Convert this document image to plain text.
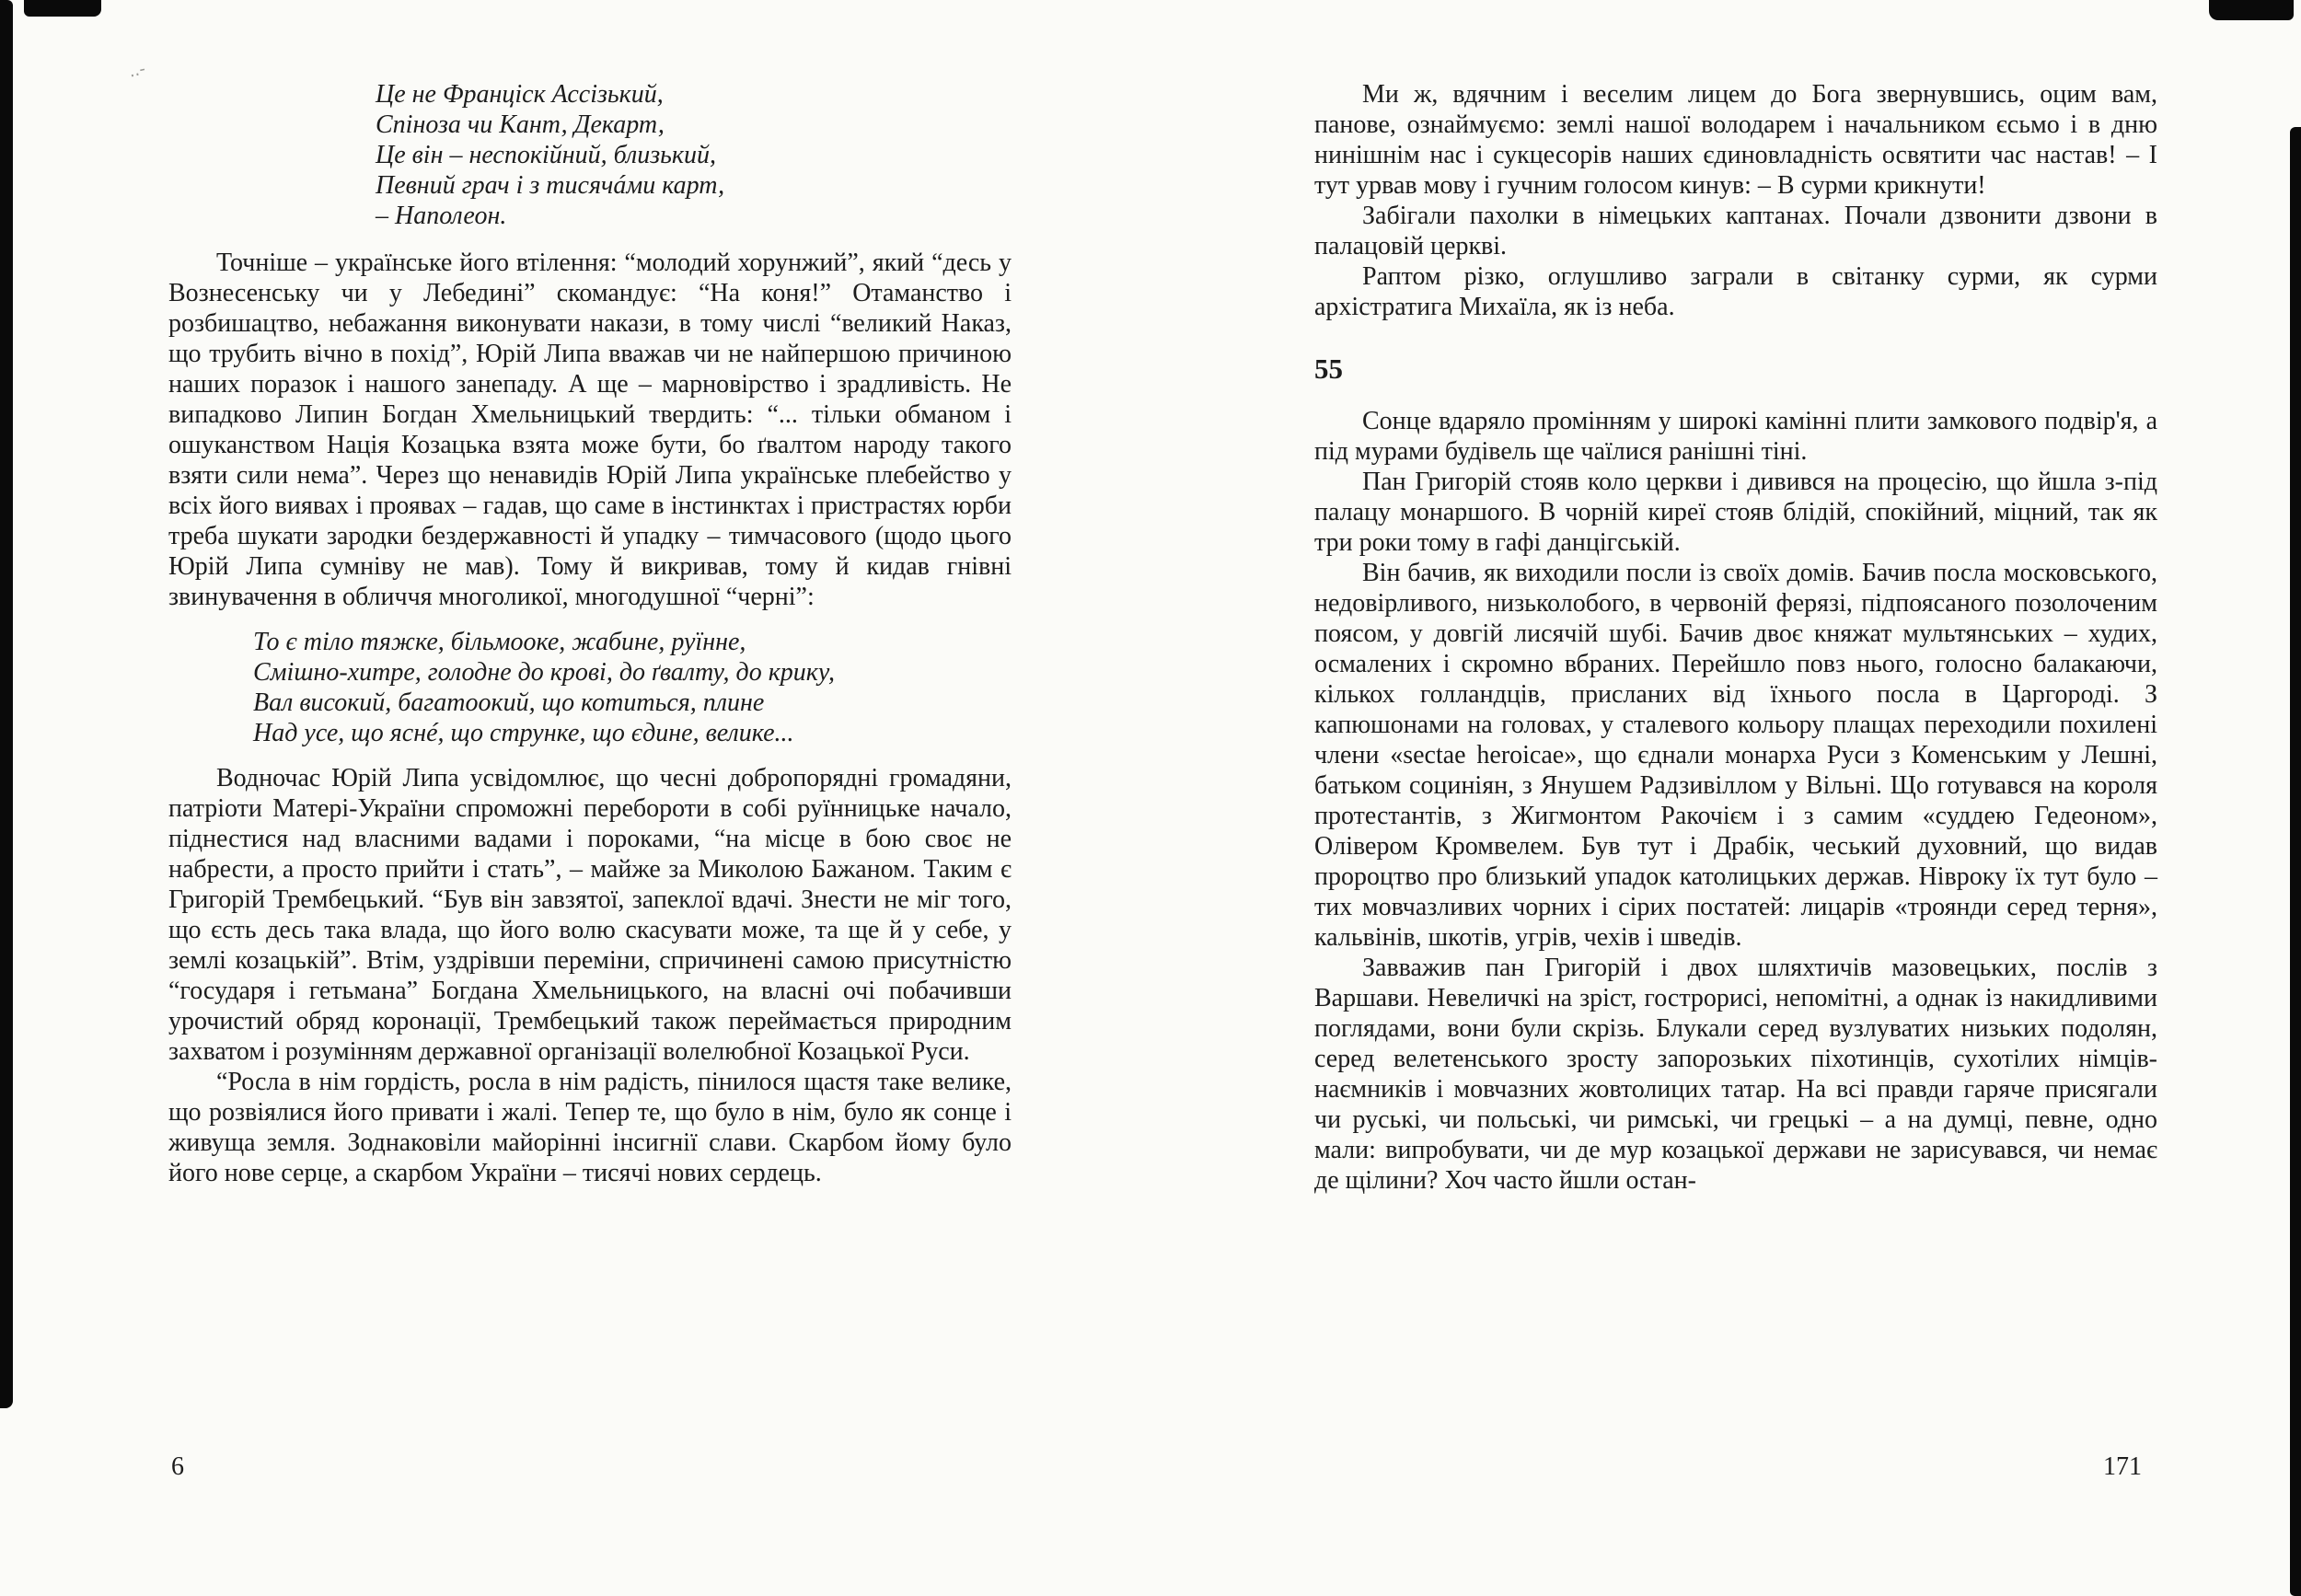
..-
Це не Франціск Ассізький,
Спіноза чи Кант, Декарт,
Це він – неспокійний, близький,
Певний грач і з тисячáми карт,
– Наполеон.

Точніше – українське його втілення: “молодий хорунжий”, який “десь у Вознесенську чи у Лебедині” скомандує: “На коня!” Отаманство і розбишацтво, небажання виконувати накази, в тому числі “великий Наказ, що трубить вічно в похід”, Юрій Липа вважав чи не найпершою причиною наших поразок і нашого занепаду. А ще – марновірство і зрадливість. Не випадково Липин Богдан Хмельницький твердить: “... тільки обманом і ошуканством Нація Козацька взята може бути, бо ґвалтом народу такого взяти сили нема”. Через що ненавидів Юрій Липа українське плебейство у всіх його виявах і проявах – гадав, що саме в інстинктах і пристрастях юрби треба шукати зародки бездержавності й упадку – тимчасового (щодо цього Юрій Липа сумніву не мав). Тому й викривав, тому й кидав гнівні звинувачення в обличчя многоликої, многодушної “черні”:

То є тіло тяжке, більмооке, жабине, руїнне,
Смішно-хитре, голодне до крові, до ґвалту, до крику,
Вал високий, багатоокий, що котиться, плине
Над усе, що яснé, що струнке, що єдине, велике...

Водночас Юрій Липа усвідомлює, що чесні добропорядні громадяни, патріоти Матері-України спроможні перебороти в собі руїнницьке начало, піднестися над власними вадами і пороками, “на місце в бою своє не набрести, а просто прийти і стать”, – майже за Миколою Бажаном. Таким є Григорій Трембецький. “Був він завзятої, запеклої вдачі. Знести не міг того, що єсть десь така влада, що його волю скасувати може, та ще й у себе, у землі козацькій”. Втім, уздрівши переміни, спричинені самою присутністю “государя і гетьмана” Богдана Хмельницького, на власні очі побачивши урочистий обряд коронації, Трембецький також переймається природним захватом і розумінням державної організації волелюбної Козацької Руси.

“Росла в нім гордість, росла в нім радість, пінилося щастя таке велике, що розвіялися його привати і жалі. Тепер те, що було в нім, було як сонце і живуща земля. Зоднаковіли майорінні інсигнії слави. Скарбом йому було його нове серце, а скарбом України – тисячі нових сердець.

Ми ж, вдячним і веселим лицем до Бога звернувшись, оцим вам, панове, ознаймуємо: землі нашої володарем і начальником єсьмо і в дню нинішнім нас і сукцесорів наших єдиновладність освятити час настав! – І тут урвав мову і гучним голосом кинув: – В сурми крикнути!

Забігали пахолки в німецьких каптанах. Почали дзвонити дзвони в палацовій церкві.

Раптом різко, оглушливо заграли в світанку сурми, як сурми архістратига Михаїла, як із неба.

55

Сонце вдаряло промінням у широкі камінні плити замкового подвір'я, а під мурами будівель ще чаїлися ранішні тіні.

Пан Григорій стояв коло церкви і дивився на процесію, що йшла з-під палацу монаршого. В чорній киреї стояв блідій, спокійний, міцний, так як три роки тому в гафі данцігській.

Він бачив, як виходили посли із своїх домів. Бачив посла московського, недовірливого, низьколобого, в червоній ферязі, підпоясаного позолоченим поясом, у довгій лисячій шубі. Бачив двоє княжат мультянських – худих, осмалених і скромно вбраних. Перейшло повз нього, голосно балакаючи, кількох голландців, присланих від їхнього посла в Царгороді. З капюшонами на головах, у сталевого кольору плащах переходили похилені члени «sectae heroicae», що єднали монарха Руси з Коменським у Лешні, батьком социніян, з Янушем Радзивіллом у Вільні. Що готувався на короля протестантів, з Жигмонтом Ракочієм і з самим «суддею Гедеоном», Олівером Кромвелем. Був тут і Драбік, чеський духовний, що видав пророцтво про близький упадок католицьких держав. Нівроку їх тут було – тих мовчазливих чорних і сірих постатей: лицарів «троянди серед терня», кальвінів, шкотів, угрів, чехів і шведів.

Завважив пан Григорій і двох шляхтичів мазовецьких, послів з Варшави. Невеличкі на зріст, гострорисі, непомітні, а однак із накидливими поглядами, вони були скрізь. Блукали серед вузлуватих низьких подолян, серед велетенського зросту запорозьких піхотинців, сухотілих німців-наємників і мовчазних жовтолицих татар. На всі правди гаряче присягали чи руські, чи польські, чи римські, чи грецькі – а на думці, певне, одно мали: випробувати, чи де мур козацької держави не зарисувався, чи немає де щілини? Хоч часто йшли остан-

6	171
